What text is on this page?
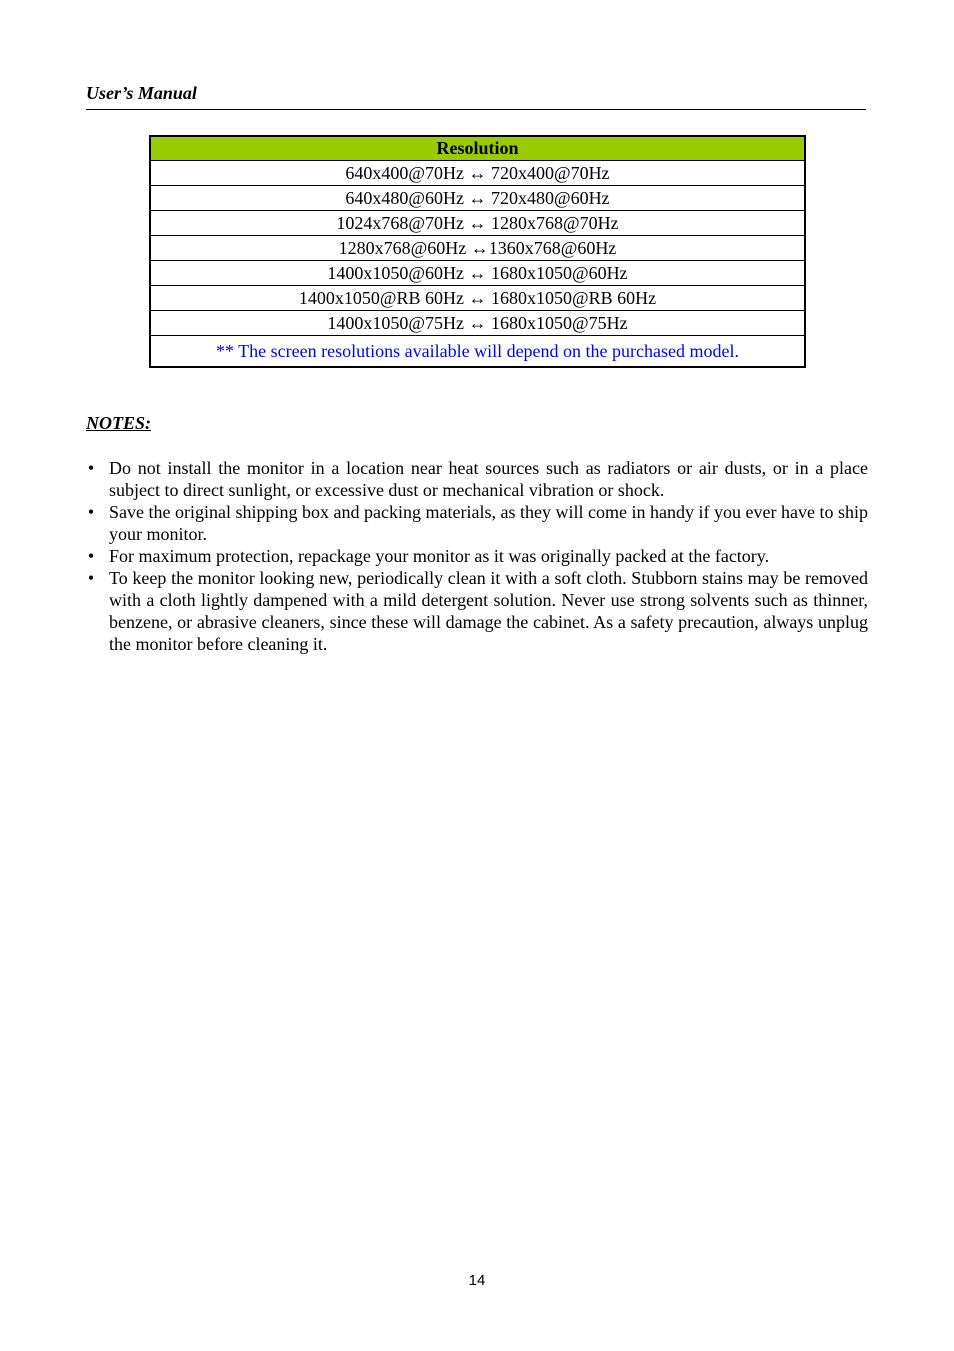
User’s Manual
Resolution
640x400@70Hz ↔ 720x400@70Hz
640x480@60Hz ↔ 720x480@60Hz
1024x768@70Hz ↔ 1280x768@70Hz
1280x768@60Hz ↔1360x768@60Hz
1400x1050@60Hz ↔ 1680x1050@60Hz
1400x1050@RB 60Hz ↔ 1680x1050@RB 60Hz
1400x1050@75Hz ↔ 1680x1050@75Hz
** The screen resolutions available will depend on the purchased model.
NOTES:
• Do not install the monitor in a location near heat sources such as radiators or air dusts, or in a place subject to direct sunlight, or excessive dust or mechanical vibration or shock.
• Save the original shipping box and packing materials, as they will come in handy if you ever have to ship your monitor.
• For maximum protection, repackage your monitor as it was originally packed at the factory.
• To keep the monitor looking new, periodically clean it with a soft cloth. Stubborn stains may be removed with a cloth lightly dampened with a mild detergent solution. Never use strong solvents such as thinner, benzene, or abrasive cleaners, since these will damage the cabinet. As a safety precaution, always unplug the monitor before cleaning it.
14
